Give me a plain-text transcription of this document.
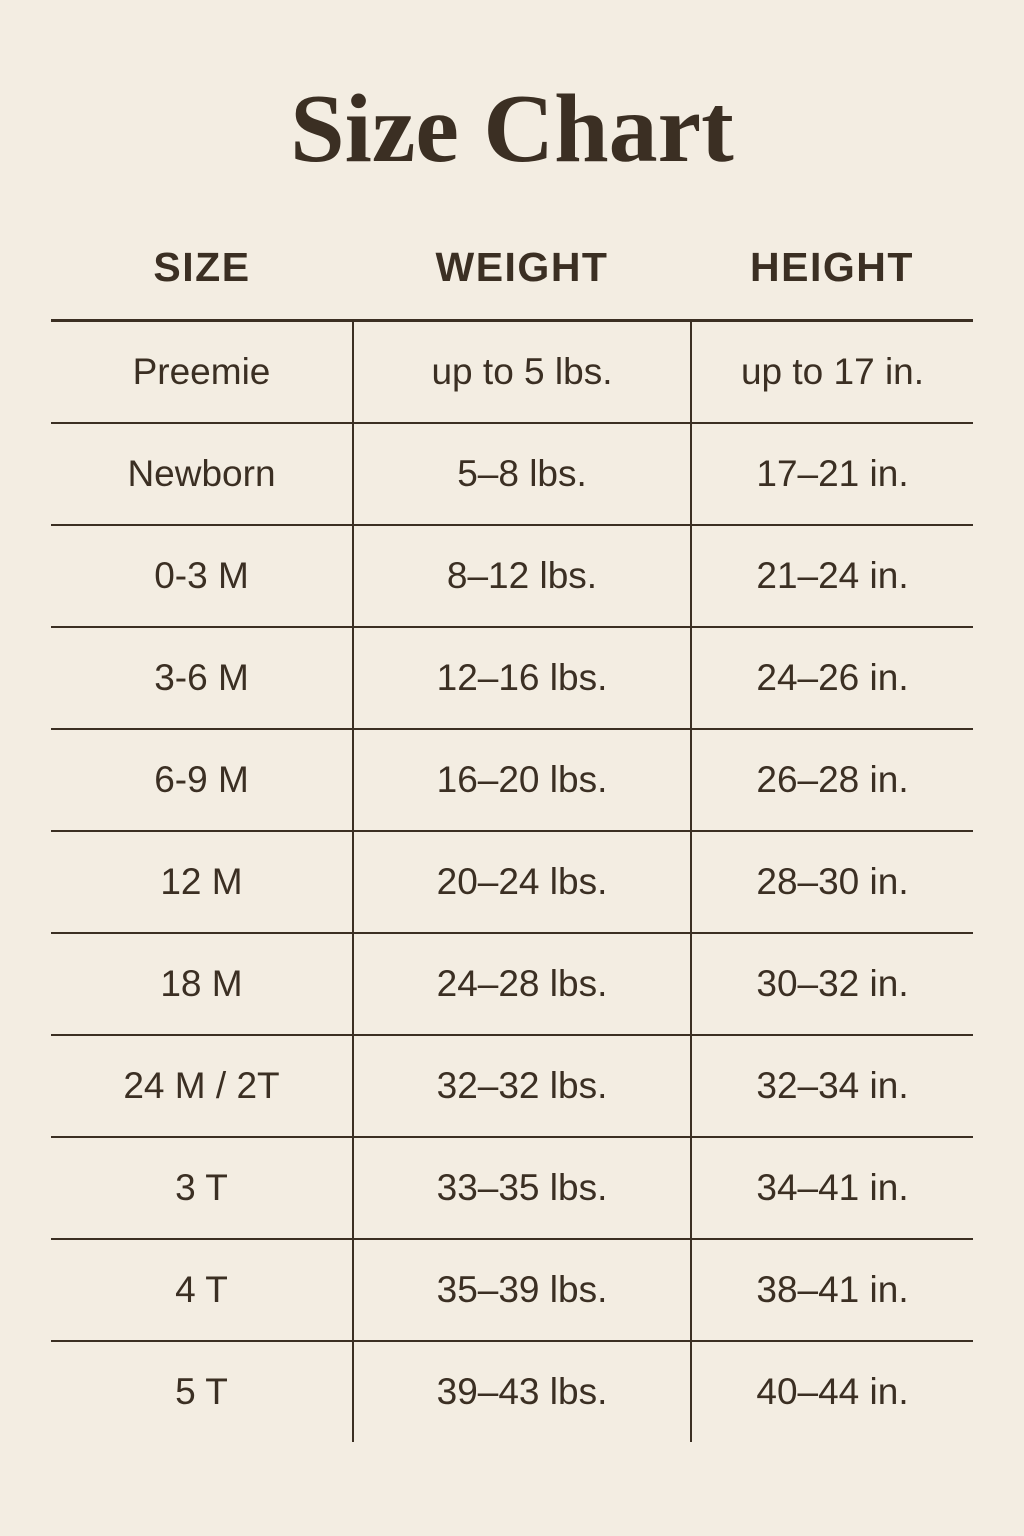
Size Chart
SIZE	WEIGHT	HEIGHT
Preemie	up to 5 lbs.	up to 17 in.
Newborn	5–8 lbs.	17–21 in.
0-3 M	8–12 lbs.	21–24 in.
3-6 M	12–16 lbs.	24–26 in.
6-9 M	16–20 lbs.	26–28 in.
12 M	20–24 lbs.	28–30 in.
18 M	24–28 lbs.	30–32 in.
24 M / 2T	32–32 lbs.	32–34 in.
3 T	33–35 lbs.	34–41 in.
4 T	35–39 lbs.	38–41 in.
5 T	39–43 lbs.	40–44 in.
